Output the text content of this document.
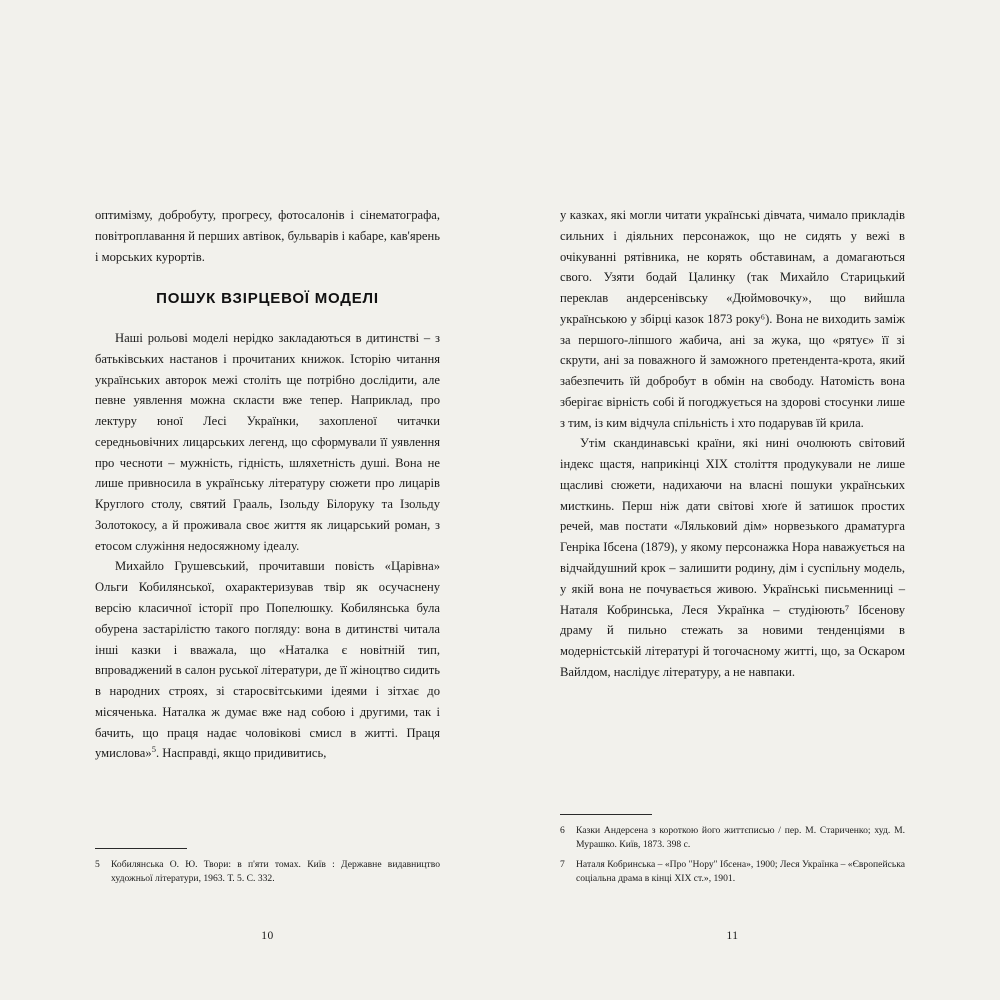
оптимізму, добробуту, прогресу, фотосалонів і сінематографа, повітроплавання й перших автівок, бульварів і кабаре, кав'ярень і морських курортів.

ПОШУК ВЗІРЦЕВОЇ МОДЕЛІ

Наші рольові моделі нерідко закладаються в дитинстві – з батьківських настанов і прочитаних книжок. Історію читання українських авторок межі століть ще потрібно дослідити, але певне уявлення можна скласти вже тепер. Наприклад, про лектуру юної Лесі Українки, захопленої читачки середньовічних лицарських легенд, що сформували її уявлення про чесноти – мужність, гідність, шляхетність душі. Вона не лише привносила в українську літературу сюжети про лицарів Круглого столу, святий Грааль, Ізольду Білоруку та Ізольду Золотокосу, а й проживала своє життя як лицарський роман, з етосом служіння недосяжному ідеалу.

Михайло Грушевський, прочитавши повість «Царівна» Ольги Кобилянської, охарактеризував твір як осучаснену версію класичної історії про Попелюшку. Кобилянська була обурена застарілістю такого погляду: вона в дитинстві читала інші казки і вважала, що «Наталка є новітній тип, впроваджений в салон руської літератури, де її жіноцтво сидить в народних строях, зі старосвітськими ідеями і зітхає до місяченька. Наталка ж думає вже над собою і другими, так і бачить, що праця надає чоловікові смисл в житті. Праця умислова»$^5$. Насправді, якщо придивитись,

5	Кобилянська О. Ю. Твори: в п'яти томах. Київ : Державне видавництво художньої літератури, 1963. Т. 5. С. 332.
10

у казках, які могли читати українські дівчата, чимало прикладів сильних і діяльних персонажок, що не сидять у вежі в очікуванні рятівника, не корять обставинам, а домагаються свого. Узяти бодай Цалинку (так Михайло Старицький переклав андерсенівську «Дюймовочку», що вийшла українською у збірці казок 1873 року⁶). Вона не виходить заміж за першого-ліпшого жабича, ані за жука, що «рятує» її зі скрути, ані за поважного й заможного претендента-крота, який забезпечить їй добробут в обмін на свободу. Натомість вона зберігає вірність собі й погоджується на здорові стосунки лише з тим, із ким відчула спільність і хто подарував їй крила.

Утім скандинавські країни, які нині очолюють світовий індекс щастя, наприкінці XIX століття продукували не лише щасливі сюжети, надихаючи на власні пошуки українських мисткинь. Перш ніж дати світові хюґе й затишок простих речей, мав постати «Ляльковий дім» норвезького драматурга Генріка Ібсена (1879), у якому персонажка Нора наважується на відчайдушний крок – залишити родину, дім і суспільну модель, у якій вона не почувається живою. Українські письменниці – Наталя Кобринська, Леся Українка – студіюють⁷ Ібсенову драму й пильно стежать за новими тенденціями в модерністській літературі й тогочасному житті, що, за Оскаром Вайлдом, наслідує літературу, а не навпаки.

6	Казки Андерсена з короткою його життєписью / пер. М. Стариченко; худ. М. Мурашко. Київ, 1873. 398 с.
7	Наталя Кобринська – «Про "Нору" Ібсена», 1900; Леся Українка – «Європейська соціальна драма в кінці XIX ст.», 1901.
11
